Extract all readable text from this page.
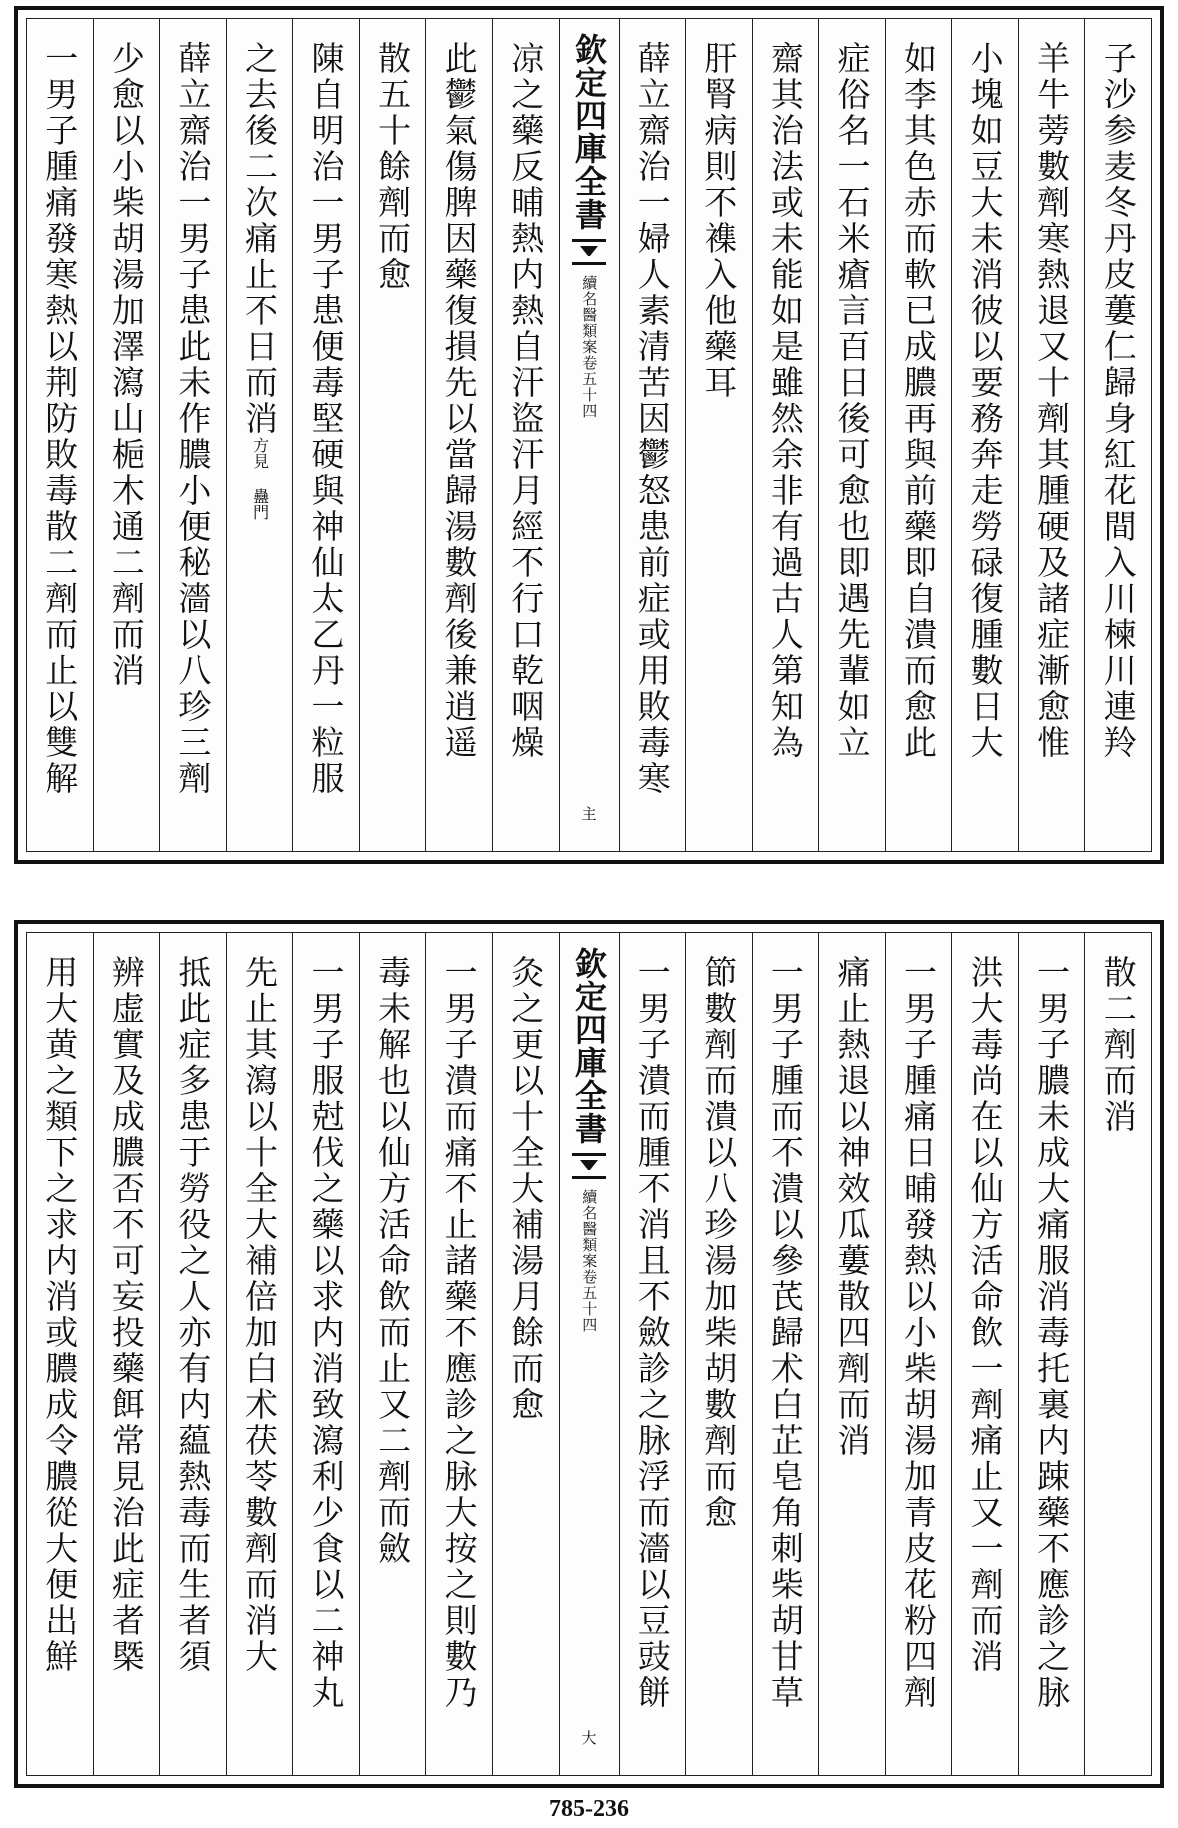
子沙参麦冬丹皮蔞仁歸身紅花間入川楝川連羚
羊牛蒡數劑寒熱退又十劑其腫硬及諸症漸愈惟
小塊如豆大未消彼以要務奔走勞碌復腫數日大
如李其色赤而軟已成膿再與前藥即自潰而愈此
症俗名一石米瘡言百日後可愈也即遇先輩如立
齋其治法或未能如是雖然余非有過古人第知為
肝腎病則不襍入他藥耳
薛立齋治一婦人素清苦因鬱怒患前症或用敗毒寒
欽定四庫全書
續名醫類案
卷五十四
主
凉之藥反晡熱内熱自汗盜汗月經不行口乾咽燥
此鬱氣傷脾因藥復損先以當歸湯數劑後兼逍遥
散五十餘劑而愈
陳自明治一男子患便毒堅硬與神仙太乙丹一粒服
之去後二次痛止不日而消
方見 蠱門
薛立齋治一男子患此未作膿小便秘濇以八珍三劑
少愈以小柴胡湯加澤瀉山梔木通二劑而消
一男子腫痛發寒熱以荆防敗毒散二劑而止以雙解
散二劑而消
一男子膿未成大痛服消毒托裏内踈藥不應診之脉
洪大毒尚在以仙方活命飲一劑痛止又一劑而消
一男子腫痛日晡發熱以小柴胡湯加青皮花粉四劑
痛止熱退以神效瓜蔞散四劑而消
一男子腫而不潰以參芪歸术白芷皂角刺柴胡甘草
節數劑而潰以八珍湯加柴胡數劑而愈
一男子潰而腫不消且不斂診之脉浮而濇以豆豉餅
欽定四庫全書
續名醫類案
卷五十四
大
灸之更以十全大補湯月餘而愈
一男子潰而痛不止諸藥不應診之脉大按之則數乃
毒未解也以仙方活命飲而止又二劑而斂
一男子服尅伐之藥以求内消致瀉利少食以二神丸
先止其瀉以十全大補倍加白术茯苓數劑而消大
抵此症多患于勞役之人亦有内藴熱毒而生者須
辨虚實及成膿否不可妄投藥餌常見治此症者槩
用大黄之類下之求内消或膿成令膿從大便出鮮
785-236
